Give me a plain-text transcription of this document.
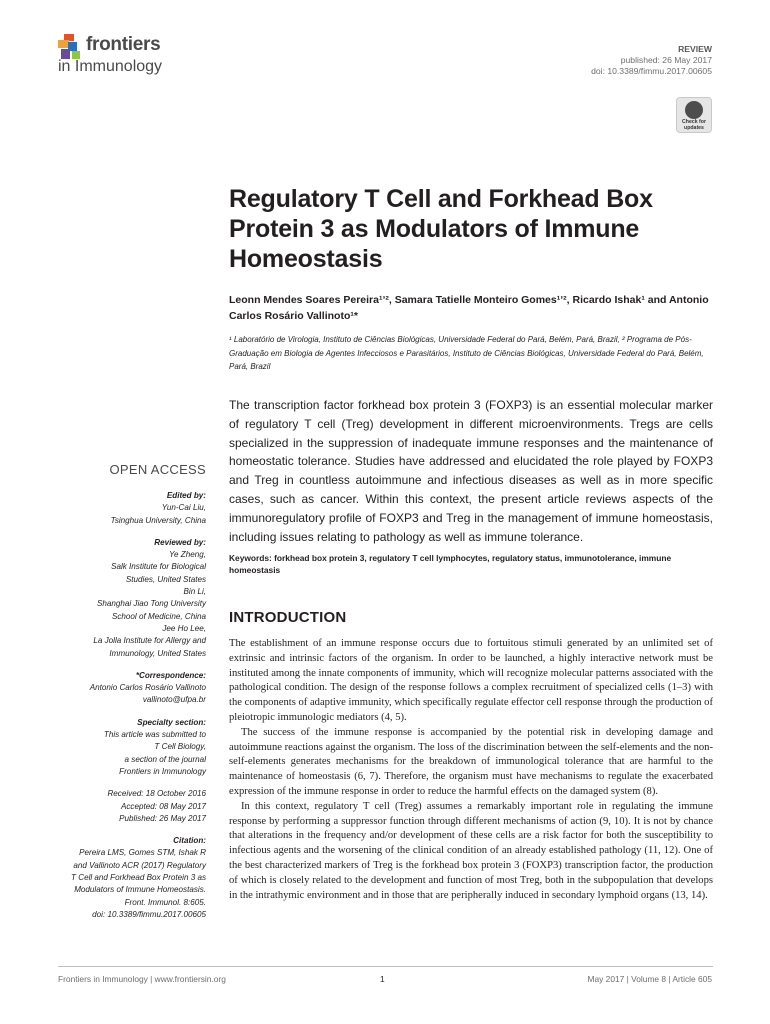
frontiers
in Immunology
REVIEW
published: 26 May 2017
doi: 10.3389/fimmu.2017.00605
Check for updates
Regulatory T Cell and Forkhead Box Protein 3 as Modulators of Immune Homeostasis
Leonn Mendes Soares Pereira¹ʼ², Samara Tatielle Monteiro Gomes¹ʼ², Ricardo Ishak¹ and Antonio Carlos Rosário Vallinoto¹*
¹ Laboratório de Virologia, Instituto de Ciências Biológicas, Universidade Federal do Pará, Belém, Pará, Brazil, ² Programa de Pós-Graduação em Biologia de Agentes Infecciosos e Parasitários, Instituto de Ciências Biológicas, Universidade Federal do Pará, Belém, Pará, Brazil
The transcription factor forkhead box protein 3 (FOXP3) is an essential molecular marker of regulatory T cell (Treg) development in different microenvironments. Tregs are cells specialized in the suppression of inadequate immune responses and the maintenance of homeostatic tolerance. Studies have addressed and elucidated the role played by FOXP3 and Treg in countless autoimmune and infectious diseases as well as in more specific cases, such as cancer. Within this context, the present article reviews aspects of the immunoregulatory profile of FOXP3 and Treg in the management of immune homeostasis, including issues relating to pathology as well as immune tolerance.
Keywords: forkhead box protein 3, regulatory T cell lymphocytes, regulatory status, immunotolerance, immune homeostasis
INTRODUCTION

The establishment of an immune response occurs due to fortuitous stimuli generated by an unlimited set of extrinsic and intrinsic factors of the organism. In order to be launched, a highly interactive network must be instituted among the innate components of immunity, which will recognize molecular patterns associated with the pathological condition. The design of the response follows a complex recruitment of specialized cells (1–3) with the components of adaptive immunity, which specifically regulate effector cell response through the production of pleiotropic immunologic mediators (4, 5).

The success of the immune response is accompanied by the potential risk in developing damage and autoimmune reactions against the organism. The loss of the discrimination between the self-elements and the non-self-elements generates mechanisms for the breakdown of immunological tolerance that are harmful to the maintenance of homeostasis (6, 7). Therefore, the organism must have mechanisms to regulate the exacerbated expression of the immune response in order to reduce the harmful effects on the damaged system (8).

In this context, regulatory T cell (Treg) assumes a remarkably important role in regulating the immune response by performing a suppressor function through different mechanisms of action (9, 10). It is not by chance that alterations in the frequency and/or development of these cells are a risk factor for both the susceptibility to infectious agents and the worsening of the clinical condition of an already established pathology (11, 12). One of the best characterized markers of Treg is the forkhead box protein 3 (FOXP3) transcription factor, the production of which is closely related to the development and function of most Treg, both in the subpopulation that develops in the intrathymic environment and in those that are peripherally induced in secondary lymphoid organs (13, 14).

OPEN ACCESS
Edited by:
Yun-Cai Liu,
Tsinghua University, China
Reviewed by:
Ye Zheng,
Salk Institute for Biological
Studies, United States
Bin Li,
Shanghai Jiao Tong University
School of Medicine, China
Jee Ho Lee,
La Jolla Institute for Allergy and
Immunology, United States
*Correspondence:
Antonio Carlos Rosário Vallinoto
vallinoto@ufpa.br
Specialty section:
This article was submitted to
T Cell Biology,
a section of the journal
Frontiers in Immunology
Received: 18 October 2016
Accepted: 08 May 2017
Published: 26 May 2017
Citation:
Pereira LMS, Gomes STM, Ishak R
and Vallinoto ACR (2017) Regulatory
T Cell and Forkhead Box Protein 3 as
Modulators of Immune Homeostasis.
Front. Immunol. 8:605.
doi: 10.3389/fimmu.2017.00605
Frontiers in Immunology | www.frontiersin.org	1	May 2017 | Volume 8 | Article 605
